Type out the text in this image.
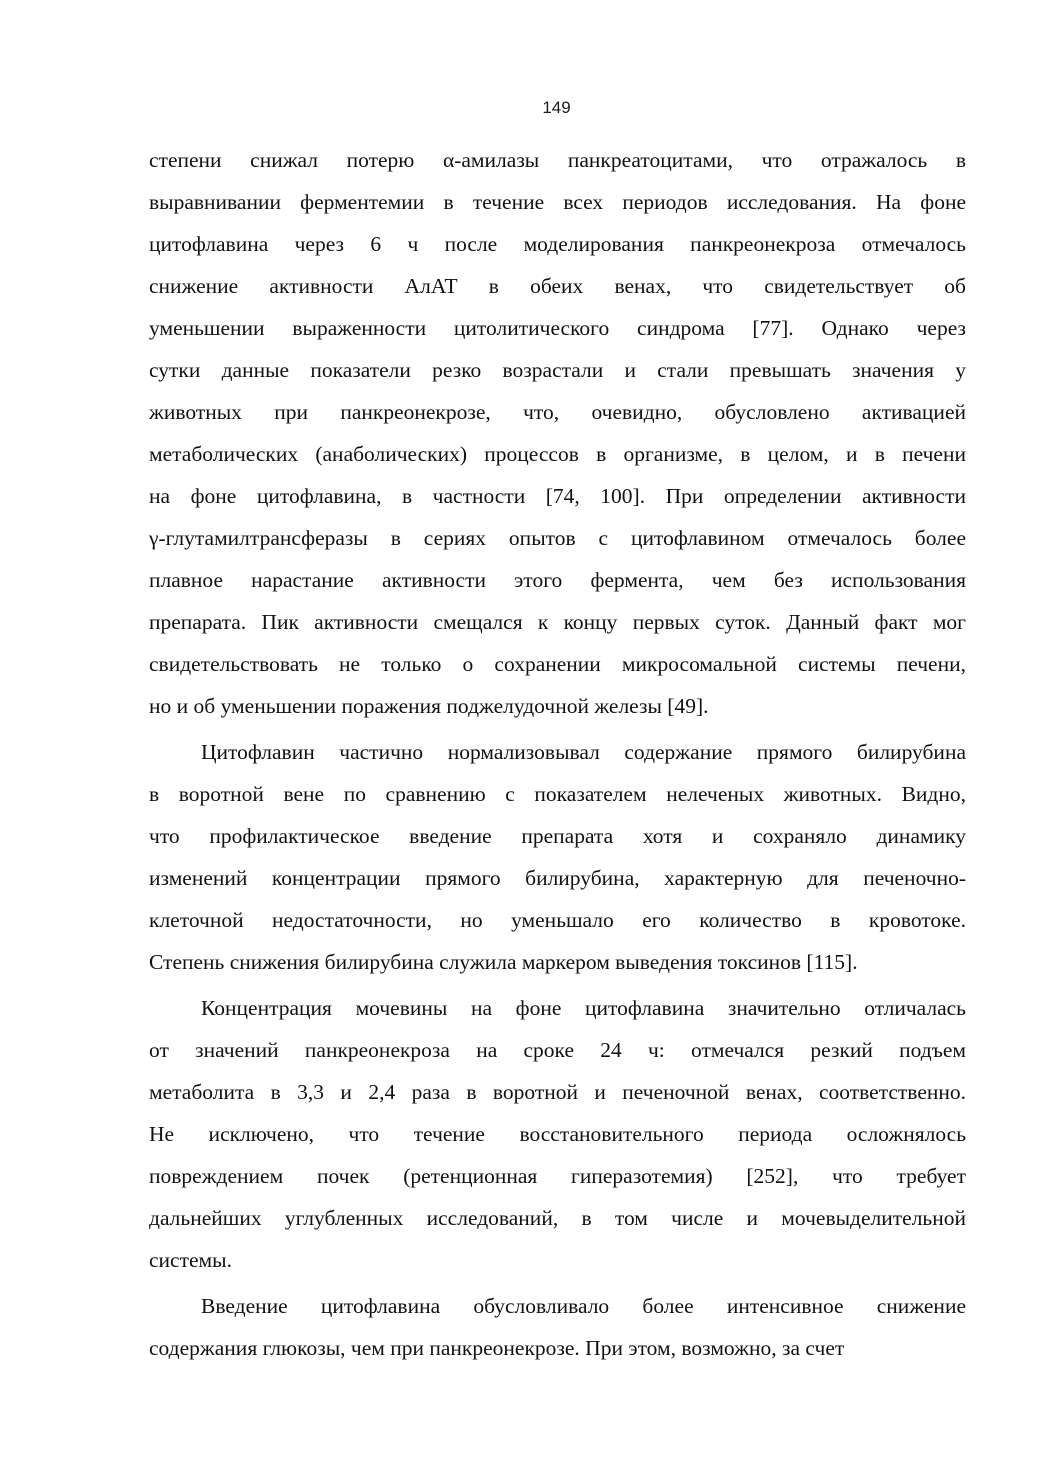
149
степени снижал потерю α-амилазы панкреатоцитами, что отражалось в
выравнивании ферментемии в течение всех периодов исследования. На фоне
цитофлавина через 6 ч после моделирования панкреонекроза отмечалось
снижение активности АлАТ в обеих венах, что свидетельствует об
уменьшении выраженности цитолитического синдрома [77]. Однако через
сутки данные показатели резко возрастали и стали превышать значения у
животных при панкреонекрозе, что, очевидно, обусловлено активацией
метаболических (анаболических) процессов в организме, в целом, и в печени
на фоне цитофлавина, в частности [74, 100]. При определении активности
γ-глутамилтрансферазы в сериях опытов с цитофлавином отмечалось более
плавное нарастание активности этого фермента, чем без использования
препарата. Пик активности смещался к концу первых суток. Данный факт мог
свидетельствовать не только о сохранении микросомальной системы печени,
но и об уменьшении поражения поджелудочной железы [49].
Цитофлавин частично нормализовывал содержание прямого билирубина
в воротной вене по сравнению с показателем нелеченых животных. Видно,
что профилактическое введение препарата хотя и сохраняло динамику
изменений концентрации прямого билирубина, характерную для печеночно-
клеточной недостаточности, но уменьшало его количество в кровотоке.
Степень снижения билирубина служила маркером выведения токсинов [115].
Концентрация мочевины на фоне цитофлавина значительно отличалась
от значений панкреонекроза на сроке 24 ч: отмечался резкий подъем
метаболита в 3,3 и 2,4 раза в воротной и печеночной венах, соответственно.
Не исключено, что течение восстановительного периода осложнялось
повреждением почек (ретенционная гиперазотемия) [252], что требует
дальнейших углубленных исследований, в том числе и мочевыделительной
системы.
Введение цитофлавина обусловливало более интенсивное снижение
содержания глюкозы, чем при панкреонекрозе. При этом, возможно, за счет
